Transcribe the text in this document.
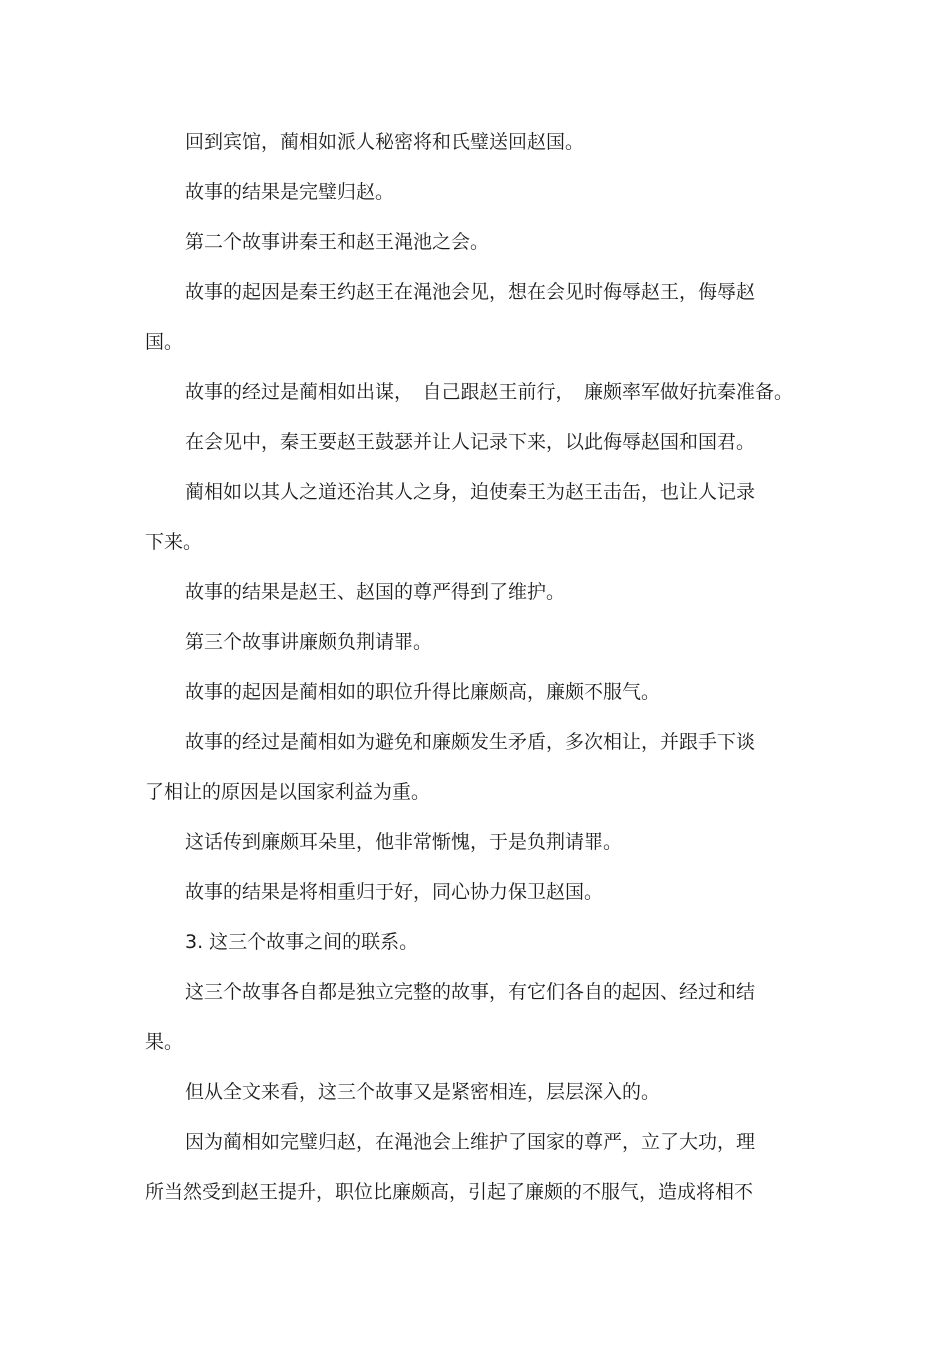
回到宾馆，蔺相如派人秘密将和氏璧送回赵国。
故事的结果是完璧归赵。
第二个故事讲秦王和赵王渑池之会。
故事的起因是秦王约赵王在渑池会见，想在会见时侮辱赵王，侮辱赵
国。
故事的经过是蔺相如出谋，　自己跟赵王前行，　廉颇率军做好抗秦准备。
在会见中，秦王要赵王鼓瑟并让人记录下来，以此侮辱赵国和国君。
蔺相如以其人之道还治其人之身，迫使秦王为赵王击缶，也让人记录
下来。
故事的结果是赵王、赵国的尊严得到了维护。
第三个故事讲廉颇负荆请罪。
故事的起因是蔺相如的职位升得比廉颇高，廉颇不服气。
故事的经过是蔺相如为避免和廉颇发生矛盾，多次相让，并跟手下谈
了相让的原因是以国家利益为重。
这话传到廉颇耳朵里，他非常惭愧，于是负荆请罪。
故事的结果是将相重归于好，同心协力保卫赵国。
3. 这三个故事之间的联系。
这三个故事各自都是独立完整的故事，有它们各自的起因、经过和结
果。
但从全文来看，这三个故事又是紧密相连，层层深入的。
因为蔺相如完璧归赵，在渑池会上维护了国家的尊严，立了大功，理
所当然受到赵王提升，职位比廉颇高，引起了廉颇的不服气，造成将相不
